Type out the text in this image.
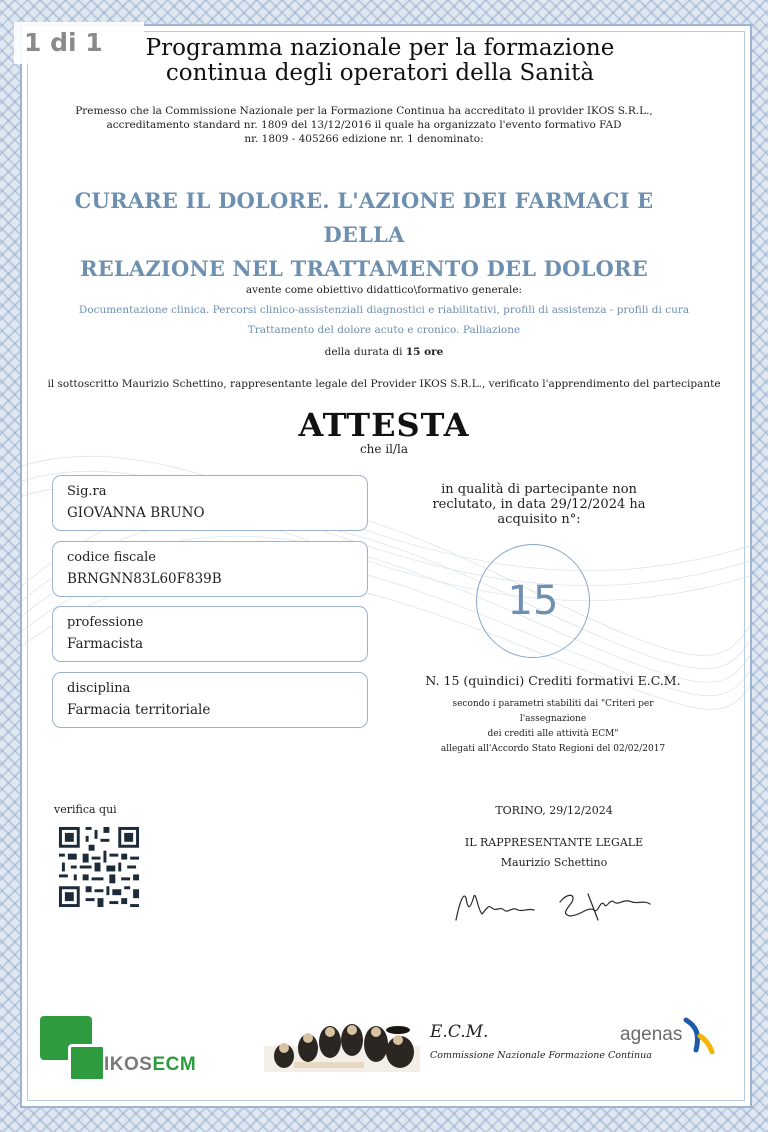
1 di 1	Programma nazionale per la formazione
continua degli operatori della Sanità
Premesso che la Commissione Nazionale per la Formazione Continua ha accreditato il provider IKOS S.R.L.,
accreditamento standard nr. 1809 del 13/12/2016 il quale ha organizzato l'evento formativo FAD
nr. 1809 - 405266 edizione nr. 1 denominato:
CURARE IL DOLORE. L'AZIONE DEI FARMACI E DELLA
RELAZIONE NEL TRATTAMENTO DEL DOLORE
avente come obiettivo didattico\formativo generale:
Documentazione clinica. Percorsi clinico-assistenziali diagnostici e riabilitativi, profili di assistenza - profili di cura
Trattamento del dolore acuto e cronico. Palliazione
della durata di 15 ore
il sottoscritto Maurizio Schettino, rappresentante legale del Provider IKOS S.R.L., verificato l'apprendimento del partecipante
ATTESTA
che il/la
Sig.ra
GIOVANNA BRUNO
codice fiscale
BRNGNN83L60F839B
professione
Farmacista
disciplina
Farmacia territoriale
in qualità di partecipante non
reclutato, in data 29/12/2024 ha
acquisito n°:
15
N. 15 (quindici) Crediti formativi E.C.M.
secondo i parametri stabiliti dai "Criteri per
l'assegnazione
dei crediti alle attività ECM"
allegati all'Accordo Stato Regioni del 02/02/2017
verifica qui	TORINO, 29/12/2024
IL RAPPRESENTANTE LEGALE
Maurizio Schettino
IKOSECM
E.C.M.
Commissione Nazionale Formazione Continua
agenas
